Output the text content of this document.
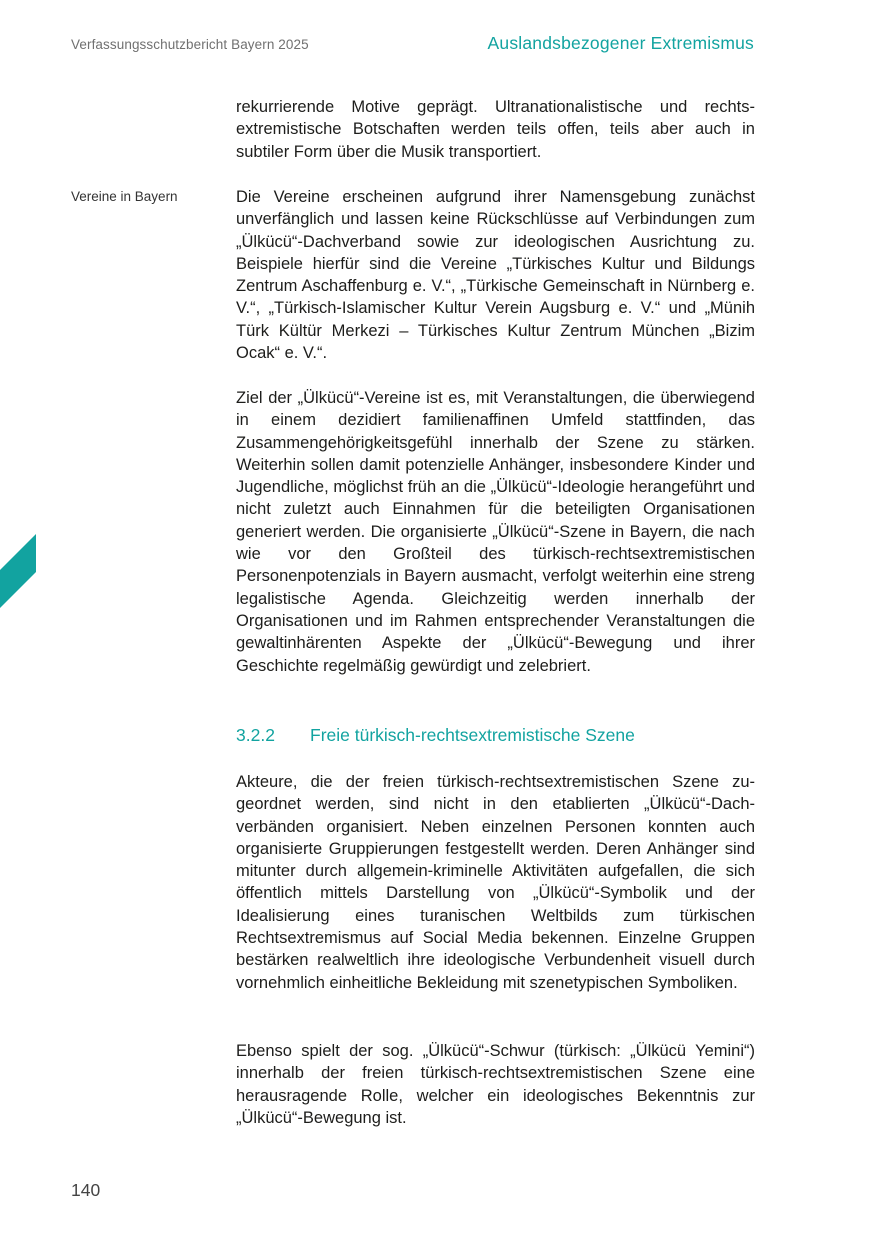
Verfassungsschutzbericht Bayern 2025	Auslandsbezogener Extremismus
Vereine in Bayern

rekurrierende Motive geprägt. Ultranationalistische und rechtsextremistische Botschaften werden teils offen, teils aber auch in subtiler Form über die Musik transportiert.

Die Vereine erscheinen aufgrund ihrer Namensgebung zunächst unverfänglich und lassen keine Rückschlüsse auf Verbindungen zum „Ülkücü“-Dachverband sowie zur ideologischen Ausrichtung zu. Beispiele hierfür sind die Vereine „Türkisches Kultur und Bildungs Zentrum Aschaffenburg e. V.“, „Türkische Gemeinschaft in Nürnberg e. V.“, „Türkisch-Islamischer Kultur Verein Augsburg e. V.“ und „Münih Türk Kültür Merkezi – Türkisches Kultur Zentrum München „Bizim Ocak“ e. V.“.

Ziel der „Ülkücü“-Vereine ist es, mit Veranstaltungen, die überwiegend in einem dezidiert familienaffinen Umfeld stattfinden, das Zusammengehörigkeitsgefühl innerhalb der Szene zu stärken. Weiterhin sollen damit potenzielle Anhänger, insbesondere Kinder und Jugendliche, möglichst früh an die „Ülkücü“-Ideologie herangeführt und nicht zuletzt auch Einnahmen für die beteiligten Organisationen generiert werden. Die organisierte „Ülkücü“-Szene in Bayern, die nach wie vor den Großteil des türkisch-rechtsextremistischen Personenpotenzials in Bayern ausmacht, verfolgt weiterhin eine streng legalistische Agenda. Gleichzeitig werden innerhalb der Organisationen und im Rahmen entsprechender Veranstaltungen die gewaltinhärenten Aspekte der „Ülkücü“-Bewegung und ihrer Geschichte regelmäßig gewürdigt und zelebriert.

3.2.2 Freie türkisch-rechtsextremistische Szene

Akteure, die der freien türkisch-rechtsextremistischen Szene zugeordnet werden, sind nicht in den etablierten „Ülkücü“-Dachverbänden organisiert. Neben einzelnen Personen konnten auch organisierte Gruppierungen festgestellt werden. Deren Anhänger sind mitunter durch allgemein-kriminelle Aktivitäten aufgefallen, die sich öffentlich mittels Darstellung von „Ülkücü“-Symbolik und der Idealisierung eines turanischen Weltbilds zum türkischen Rechtsextremismus auf Social Media bekennen. Einzelne Gruppen bestärken realweltlich ihre ideologische Verbundenheit visuell durch vornehmlich einheitliche Bekleidung mit szenetypischen Symboliken.

Ebenso spielt der sog. „Ülkücü“-Schwur (türkisch: „Ülkücü Yemini“) innerhalb der freien türkisch-rechtsextremistischen Szene eine herausragende Rolle, welcher ein ideologisches Bekenntnis zur „Ülkücü“-Bewegung ist.

140
